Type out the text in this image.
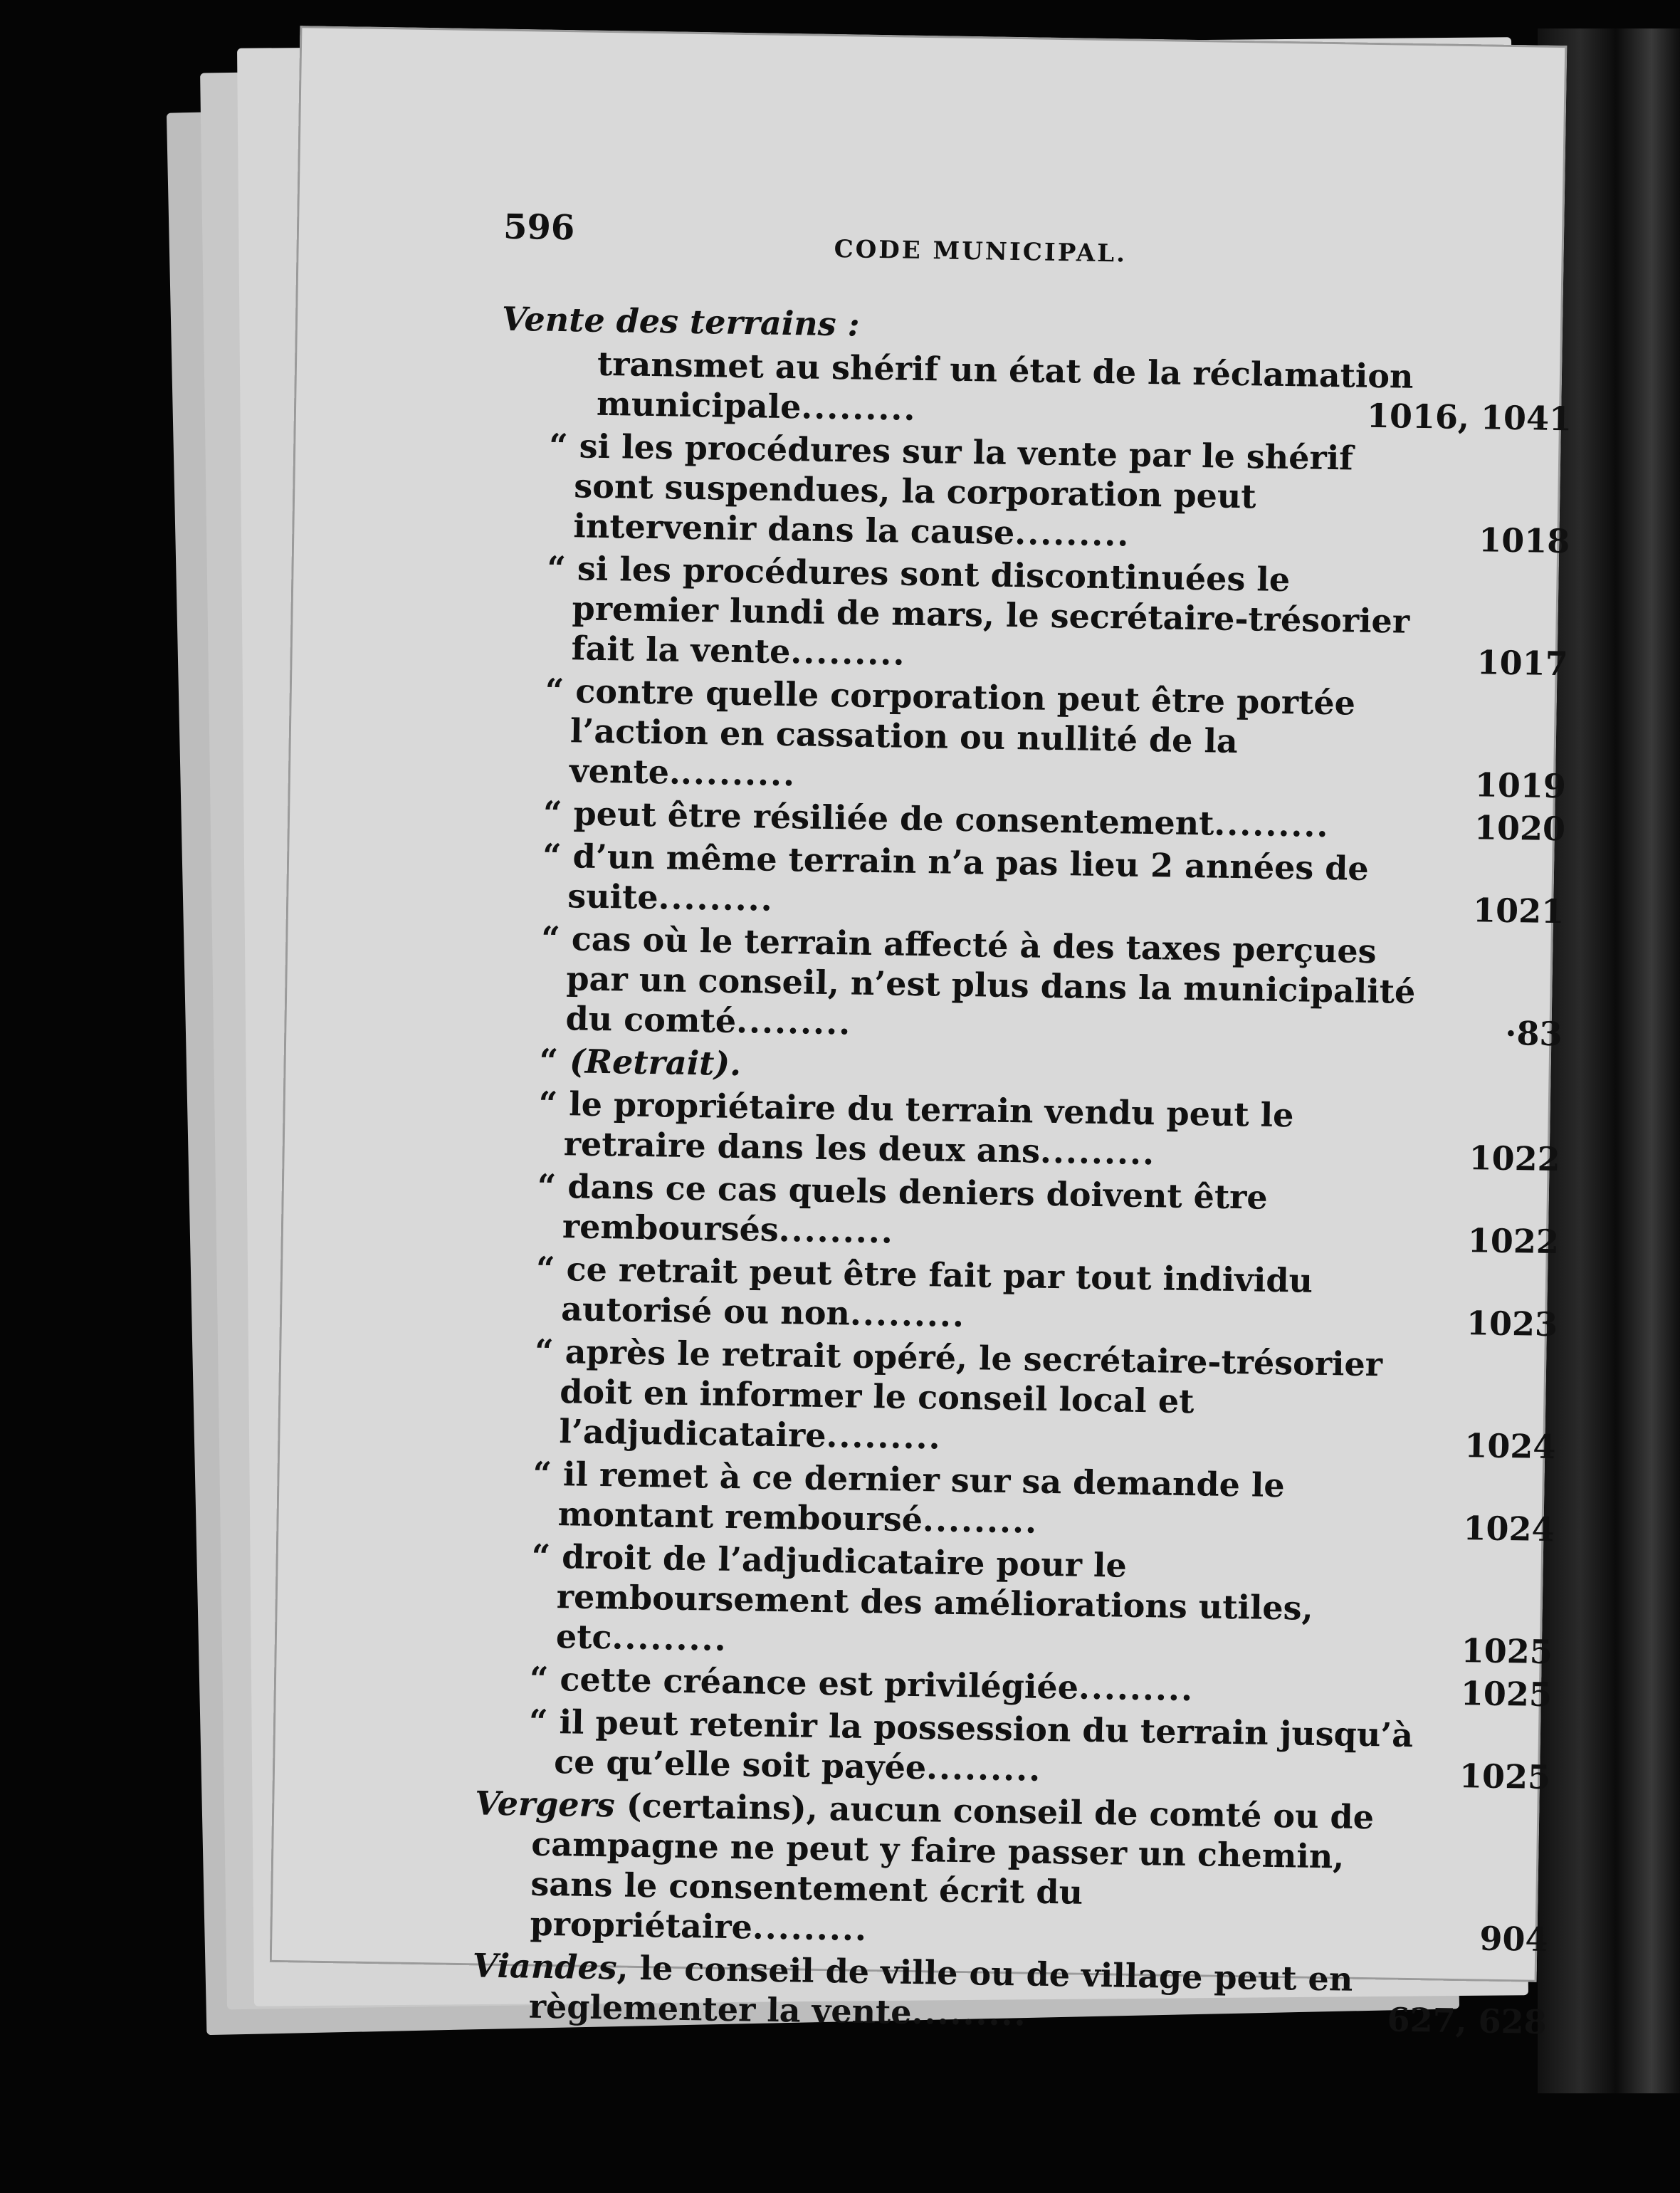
596
CODE MUNICIPAL.
Vente des terrains :
transmet au shérif un état de la réclamation municipale.........	1016, 1041
“ si les procédures sur la vente par le shérif sont suspendues, la corporation peut intervenir dans la cause.........	1018
“ si les procédures sont discontinuées le premier lundi de mars, le secrétaire-trésorier fait la vente.........	1017
“ contre quelle corporation peut être portée l’action en cassation ou nullité de la vente..........	1019
“ peut être résiliée de consentement.........	1020
“ d’un même terrain n’a pas lieu 2 années de suite.........	1021
“ cas où le terrain affecté à des taxes perçues par un conseil, n’est plus dans la municipalité du comté.........	·83
“ (Retrait).
“ le propriétaire du terrain vendu peut le retraire dans les deux ans.........	1022
“ dans ce cas quels deniers doivent être remboursés.........	1022
“ ce retrait peut être fait par tout individu autorisé ou non.........	1023
“ après le retrait opéré, le secrétaire-trésorier doit en informer le conseil local et l’adjudicataire.........	1024
“ il remet à ce dernier sur sa demande le montant remboursé.........	1024
“ droit de l’adjudicataire pour le remboursement des améliorations utiles, etc.........	1025
“ cette créance est privilégiée.........	1025
“ il peut retenir la possession du terrain jusqu’à ce qu’elle soit payée.........	1025
Vergers (certains), aucun conseil de comté ou de campagne ne peut y faire passer un chemin, sans le consentement écrit du propriétaire.........	904
Viandes, le conseil de ville ou de village peut en règlementer la vente.........	627, 628
